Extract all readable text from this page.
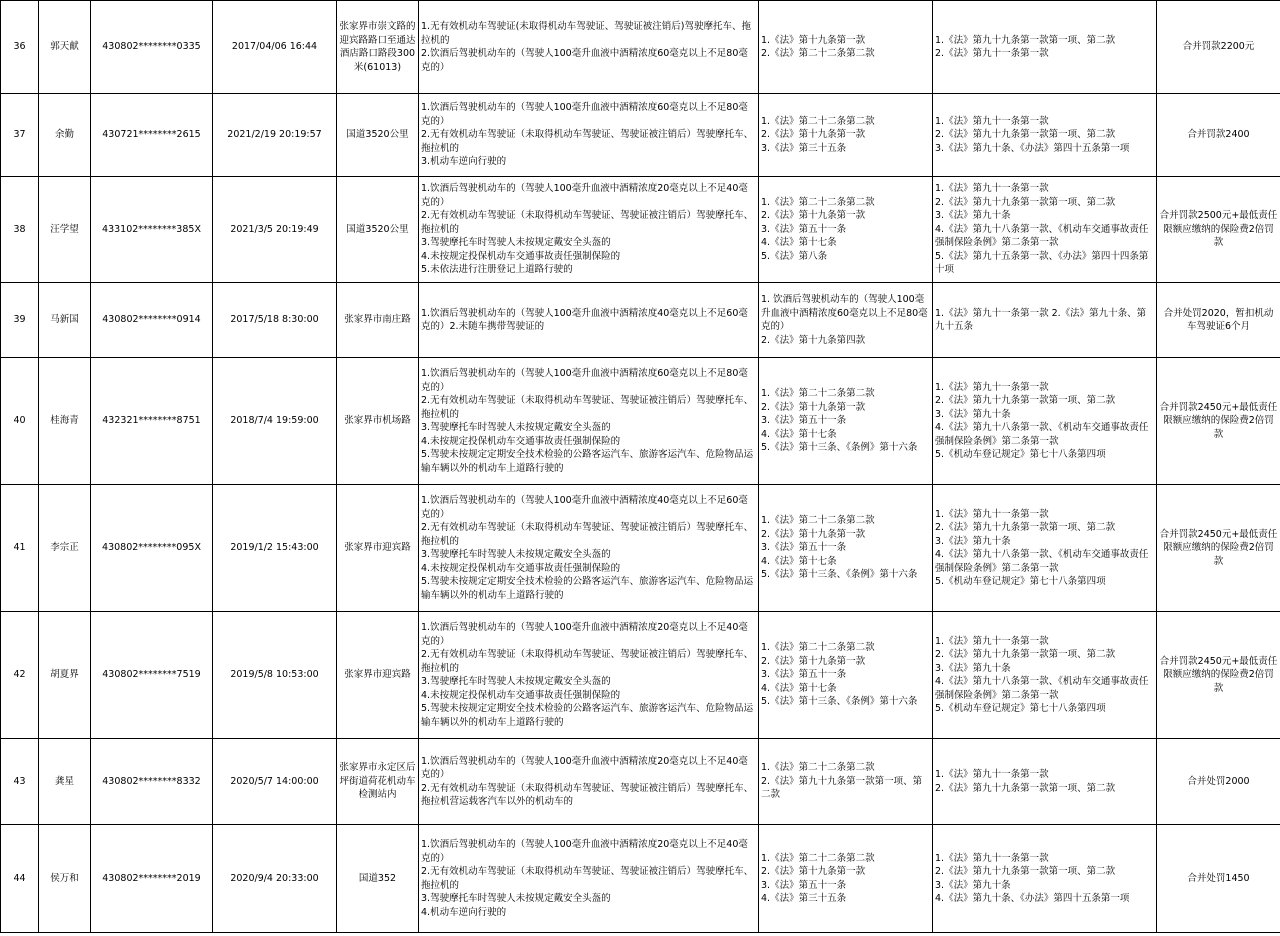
36	郭天献	430802********0335	2017/04/06 16:44	张家界市崇文路的迎宾路路口至通达酒店路口路段300米(61013)	1.无有效机动车驾驶证(未取得机动车驾驶证、驾驶证被注销后)驾驶摩托车、拖拉机的
2.饮酒后驾驶机动车的（驾驶人100毫升血液中酒精浓度60毫克以上不足80毫克的）	1.《法》第十九条第一款
2.《法》第二十二条第二款	1.《法》第九十九条第一款第一项、第二款
2.《法》第九十一条第一款	合并罚款2200元
37	余勤	430721********2615	2021/2/19 20:19:57	国道3520公里	1.饮酒后驾驶机动车的（驾驶人100毫升血液中酒精浓度60毫克以上不足80毫克的）
2.无有效机动车驾驶证（未取得机动车驾驶证、驾驶证被注销后）驾驶摩托车、拖拉机的
3.机动车逆向行驶的	1.《法》第二十二条第二款
2.《法》第十九条第一款
3.《法》第三十五条	1.《法》第九十一条第一款
2.《法》第九十九条第一款第一项、第二款
3.《法》第九十条、《办法》第四十五条第一项	合并罚款2400
38	汪学望	433102********385X	2021/3/5 20:19:49	国道3520公里	1.饮酒后驾驶机动车的（驾驶人100毫升血液中酒精浓度20毫克以上不足40毫克的）
2.无有效机动车驾驶证（未取得机动车驾驶证、驾驶证被注销后）驾驶摩托车、拖拉机的
3.驾驶摩托车时驾驶人未按规定戴安全头盔的
4.未按规定投保机动车交通事故责任强制保险的
5.未依法进行注册登记上道路行驶的	1.《法》第二十二条第二款
2.《法》第十九条第一款
3.《法》第五十一条
4.《法》第十七条
5.《法》第八条	1.《法》第九十一条第一款
2.《法》第九十九条第一款第一项、第二款
3.《法》第九十条
4.《法》第九十八条第一款、《机动车交通事故责任强制保险条例》第二条第一款
5.《法》第九十五条第一款、《办法》第四十四条第十项	合并罚款2500元+最低责任限额应缴纳的保险费2倍罚款
39	马新国	430802********0914	2017/5/18 8:30:00	张家界市南庄路	1.饮酒后驾驶机动车的（驾驶人100毫升血液中酒精浓度40毫克以上不足60毫克的）2.未随车携带驾驶证的	1. 饮酒后驾驶机动车的（驾驶人100毫升血液中酒精浓度60毫克以上不足80毫克的）
2.《法》第十九条第四款	1.《法》第九十一条第一款 2.《法》第九十条、第九十五条	合并处罚2020，暂扣机动车驾驶证6个月
40	桂海青	432321********8751	2018/7/4 19:59:00	张家界市机场路	1.饮酒后驾驶机动车的（驾驶人100毫升血液中酒精浓度60毫克以上不足80毫克的）
2.无有效机动车驾驶证（未取得机动车驾驶证、驾驶证被注销后）驾驶摩托车、拖拉机的
3.驾驶摩托车时驾驶人未按规定戴安全头盔的
4.未按规定投保机动车交通事故责任强制保险的
5.驾驶未按规定定期安全技术检验的公路客运汽车、旅游客运汽车、危险物品运输车辆以外的机动车上道路行驶的	1.《法》第二十二条第二款
2.《法》第十九条第一款
3.《法》第五十一条
4.《法》第十七条
5.《法》第十三条、《条例》第十六条	1.《法》第九十一条第一款
2.《法》第九十九条第一款第一项、第二款
3.《法》第九十条
4.《法》第九十八条第一款、《机动车交通事故责任强制保险条例》第二条第一款
5.《机动车登记规定》第七十八条第四项	合并罚款2450元+最低责任限额应缴纳的保险费2倍罚款
41	李宗正	430802********095X	2019/1/2 15:43:00	张家界市迎宾路	1.饮酒后驾驶机动车的（驾驶人100毫升血液中酒精浓度40毫克以上不足60毫克的）
2.无有效机动车驾驶证（未取得机动车驾驶证、驾驶证被注销后）驾驶摩托车、拖拉机的
3.驾驶摩托车时驾驶人未按规定戴安全头盔的
4.未按规定投保机动车交通事故责任强制保险的
5.驾驶未按规定定期安全技术检验的公路客运汽车、旅游客运汽车、危险物品运输车辆以外的机动车上道路行驶的	1.《法》第二十二条第二款
2.《法》第十九条第一款
3.《法》第五十一条
4.《法》第十七条
5.《法》第十三条、《条例》第十六条	1.《法》第九十一条第一款
2.《法》第九十九条第一款第一项、第二款
3.《法》第九十条
4.《法》第九十八条第一款、《机动车交通事故责任强制保险条例》第二条第一款
5.《机动车登记规定》第七十八条第四项	合并罚款2450元+最低责任限额应缴纳的保险费2倍罚款
42	胡夏界	430802********7519	2019/5/8 10:53:00	张家界市迎宾路	1.饮酒后驾驶机动车的（驾驶人100毫升血液中酒精浓度20毫克以上不足40毫克的）
2.无有效机动车驾驶证（未取得机动车驾驶证、驾驶证被注销后）驾驶摩托车、拖拉机的
3.驾驶摩托车时驾驶人未按规定戴安全头盔的
4.未按规定投保机动车交通事故责任强制保险的
5.驾驶未按规定定期安全技术检验的公路客运汽车、旅游客运汽车、危险物品运输车辆以外的机动车上道路行驶的	1.《法》第二十二条第二款
2.《法》第十九条第一款
3.《法》第五十一条
4.《法》第十七条
5.《法》第十三条、《条例》第十六条	1.《法》第九十一条第一款
2.《法》第九十九条第一款第一项、第二款
3.《法》第九十条
4.《法》第九十八条第一款、《机动车交通事故责任强制保险条例》第二条第一款
5.《机动车登记规定》第七十八条第四项	合并罚款2450元+最低责任限额应缴纳的保险费2倍罚款
43	龚星	430802********8332	2020/5/7 14:00:00	张家界市永定区后坪街道荷花机动车检测站内	1.饮酒后驾驶机动车的（驾驶人100毫升血液中酒精浓度20毫克以上不足40毫克的）
2.无有效机动车驾驶证（未取得机动车驾驶证、驾驶证被注销后）驾驶摩托车、拖拉机营运载客汽车以外的机动车的	1.《法》第二十二条第二款
2.《法》第九十九条第一款第一项、第二款	1.《法》第九十一条第一款
2.《法》第九十九条第一款第一项、第二款	合并处罚2000
44	侯万和	430802********2019	2020/9/4 20:33:00	国道352	1.饮酒后驾驶机动车的（驾驶人100毫升血液中酒精浓度20毫克以上不足40毫克的）
2.无有效机动车驾驶证（未取得机动车驾驶证、驾驶证被注销后）驾驶摩托车、拖拉机的
3.驾驶摩托车时驾驶人未按规定戴安全头盔的
4.机动车逆向行驶的	1.《法》第二十二条第二款
2.《法》第十九条第一款
3.《法》第五十一条
4.《法》第三十五条	1.《法》第九十一条第一款
2.《法》第九十九条第一款第一项、第二款
3.《法》第九十条
4.《法》第九十条、《办法》第四十五条第一项	合并处罚1450
